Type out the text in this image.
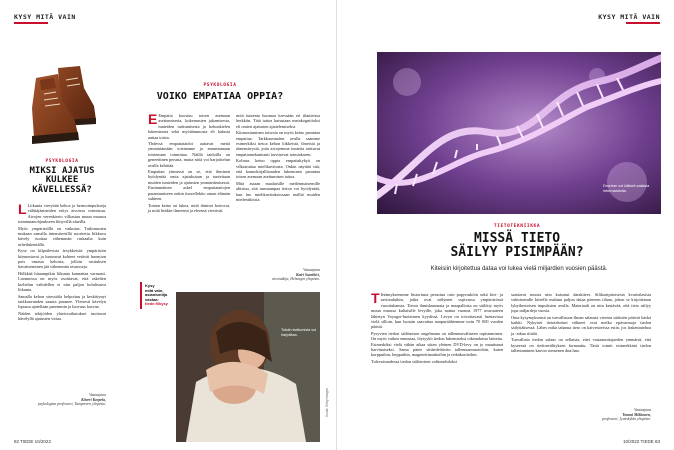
KYSY MITÄ VAIN
PSYKOLOGIA
MIKSI AJATUS KULKEE KÄVELLESSÄ?

L Liikunta vireyttää kehoa ja hermoimpulsseja välittäjäaineiden eritys aivoissa voimistuu. Aivojen verenkierto vilkastuu muun muassa toiminnanohjaukseen liittyvillä alueilla.

Myös ympäristöllä on vaikutus. Tutkimusten mukaan samalla intensiteetillä suoritettu liikkuva kävely tuottaa vähemmän raskaalta kuin urheilukentällä.

Kyse on kilpailevista ärsykkeistä: ympäristön kiinnostavat ja lumoavat kohteet vetävät huomion pois omasta kehosta, jolloin rasituksen havaitseminen jää vähemmän resursseja.

Hölkkää hitaampikin liikunta kannattaa varmasti. Luonnossa on myös osoittavat, että askelten kieltelun vaihdellen ei niin paljon kohdistuva liikunta.

Samalla kehon stressitila helpottuu ja keskittynyt tarkkaavuuden saunta paranee. Yleisesti kävelyn lopussa ajatellaan paremmin ja luovuus kasvaa.

Näiden tekijöiden yhteisvaikutukset tuottavat kävelyllä ajatusten virtaa.

Vastaajana
Kiiveri Korpela,
psykologian professori, Tampereen yliopisto.
PSYKOLOGIA
VOIKO EMPATIAA OPPIA?

E Empatia koostuu toisen asemaan asettumisesta, kokemusten jakamisesta, tunteiden tarttumisesta ja kehonkielen lukemisesta sekä myötätunnosta eli halusta auttaa toista.

Yhdessä empatiataidot auttavat meitä ymmärtämään toisiamme ja ennustamaan toistemme toimintaa. Näillä taidoilla on geneettinen perusta, mutta niitä voi harjoittelun avulla kehittää.

Empatian ytimessä on se, että ihminen hyödyntää omia ajatuksiaan ja tunteitaan muiden tunteiden ja ajatusten ymmärtämisessä. Ensimmäinen askel empatiataitojen parantamiseen onkin itsereflektio oman elämän suhteen.

Toinen keino on lukea, mitä ihmiset kertovat, ja mitä heidän ilmeensä ja eleensä viestivät.

mitä tuntenta huomaa itsessään eri tilanteissa herkkiin. Tätä taitoa kutsutaan metakognitioksi eli omien ajatusten ajattelemiseksi.

Kiinnostuminen toisesta on myös keino parantaa empatiaa. Tarkkaavuuden avulla saamme esimerkiksi tietoa kehon liikkeistä, ilmeistä ja äänensävystä, joita aivojemme tunteita tarttuvat empatiamekanismit tarvitsevat toimiakseen.

Kolmas keino oppia empatiakykyä on vilkastuttaa mielikuvitusta. Onkin näyttää sitä, että kaunokirjallisuuden lukeminen parantaa toisen asemaan asettumisen taitoa.

Mitä asiaan maalaisille meilenmaisemille altistuu, sitä runsaampaa tietoa voi hyödyntää, kun luo mielikuvituksessaan malliä muiden mielentiloista.

Vastaajana
Katri Saarikivi,
aivotutkija, Helsingin yliopisto.
Kysy
mitä vain,
asiantuntija
vastaa:
tiede.fi/kysy
Toisiin tarttumista voi harjoittaa.
Kuvat: Getty Images
82 TIEDE 10/2022
KYSY MITÄ VAIN
Dna:han voi kätkeä salaisia informaatioita.
TIETOTEKNIIKKA
MISSÄ TIETO
SÄILYY PISIMPÄÄN?
Kiteisiin kirjoitettua dataa voi lukea vielä miljardien vuosien päästä.

T Ietämykseemme historiasta perustuu osin papyrusköin sekä kivi- ja savitauluihin, jotka ovat säilyneet sopivassa ympäristössä vuosituhansia. Tietoa ihmiskunnasta ja maapallosta on säilötty myös muun muassa kultaisille levyille, joka nattua vuonna 1977 avaruuteen lähtetyn Voyager-luotaimen kyydissä. Levyn on toivottavasti luettavissa vielä silloin, kun luotain saavuttaa naapuritähtemme noin 70 000 vuoden päästä.

Pysyvien tiedon säilömisen ongelmana on tallennusvälineen rapistuminen. On myös vaikea ennustaa, löytyykö tiedon lukemiseksi oikeanlaisia laitteita. Esimerkiksi vielä vähän aikaa sitten yleinen DVD-levy on jo muuttunut harvinaiseksi. Sama pätee siitäedeltäviin tallennusmuotoihin, kuten korppuihin, lerppuihin, magneettinauhoihin ja reikäkortteihin.

Tulevaisuudessa tiedon säilömisen valtionehdoksi

saattavat nousta niin kutsutut datakiteet. Silikonipitoisesta kvartsilasista valmistetulle kiteelle mahtuu paljon dataa pieneen tilaan, johon se kirjoitetaan lyhytkestoisen impulssien avulla. Materiaali on niin kestävää, että tieto säilyy jopa miljardeja vuosia.

Oma kysymyksensä on turvallisuus-ilman salausta vieeton säätsiön pitävät käskä kaikki. Nykyiset tietotekniset välineet ovat melko epävarmoja tiedon säilyttäksessä. Lähes mikä tahansa tieto on kaivettavissa esiin, jos laskentatehoa ja -aikaa riittää.

Turvallisin tiedon salaus on sellaista, ettei vastaanottajaeden ymmärrä, että kyseessä on tiedonvälityksen formaattu. Tästä toimii esimerkkinä tiedon tallentaminen kasvin siemenen dna:han.

Vastaajana
Tommi Mikkonen,
professori, Jyväskylän yliopisto.
10/2022 TIEDE 83
